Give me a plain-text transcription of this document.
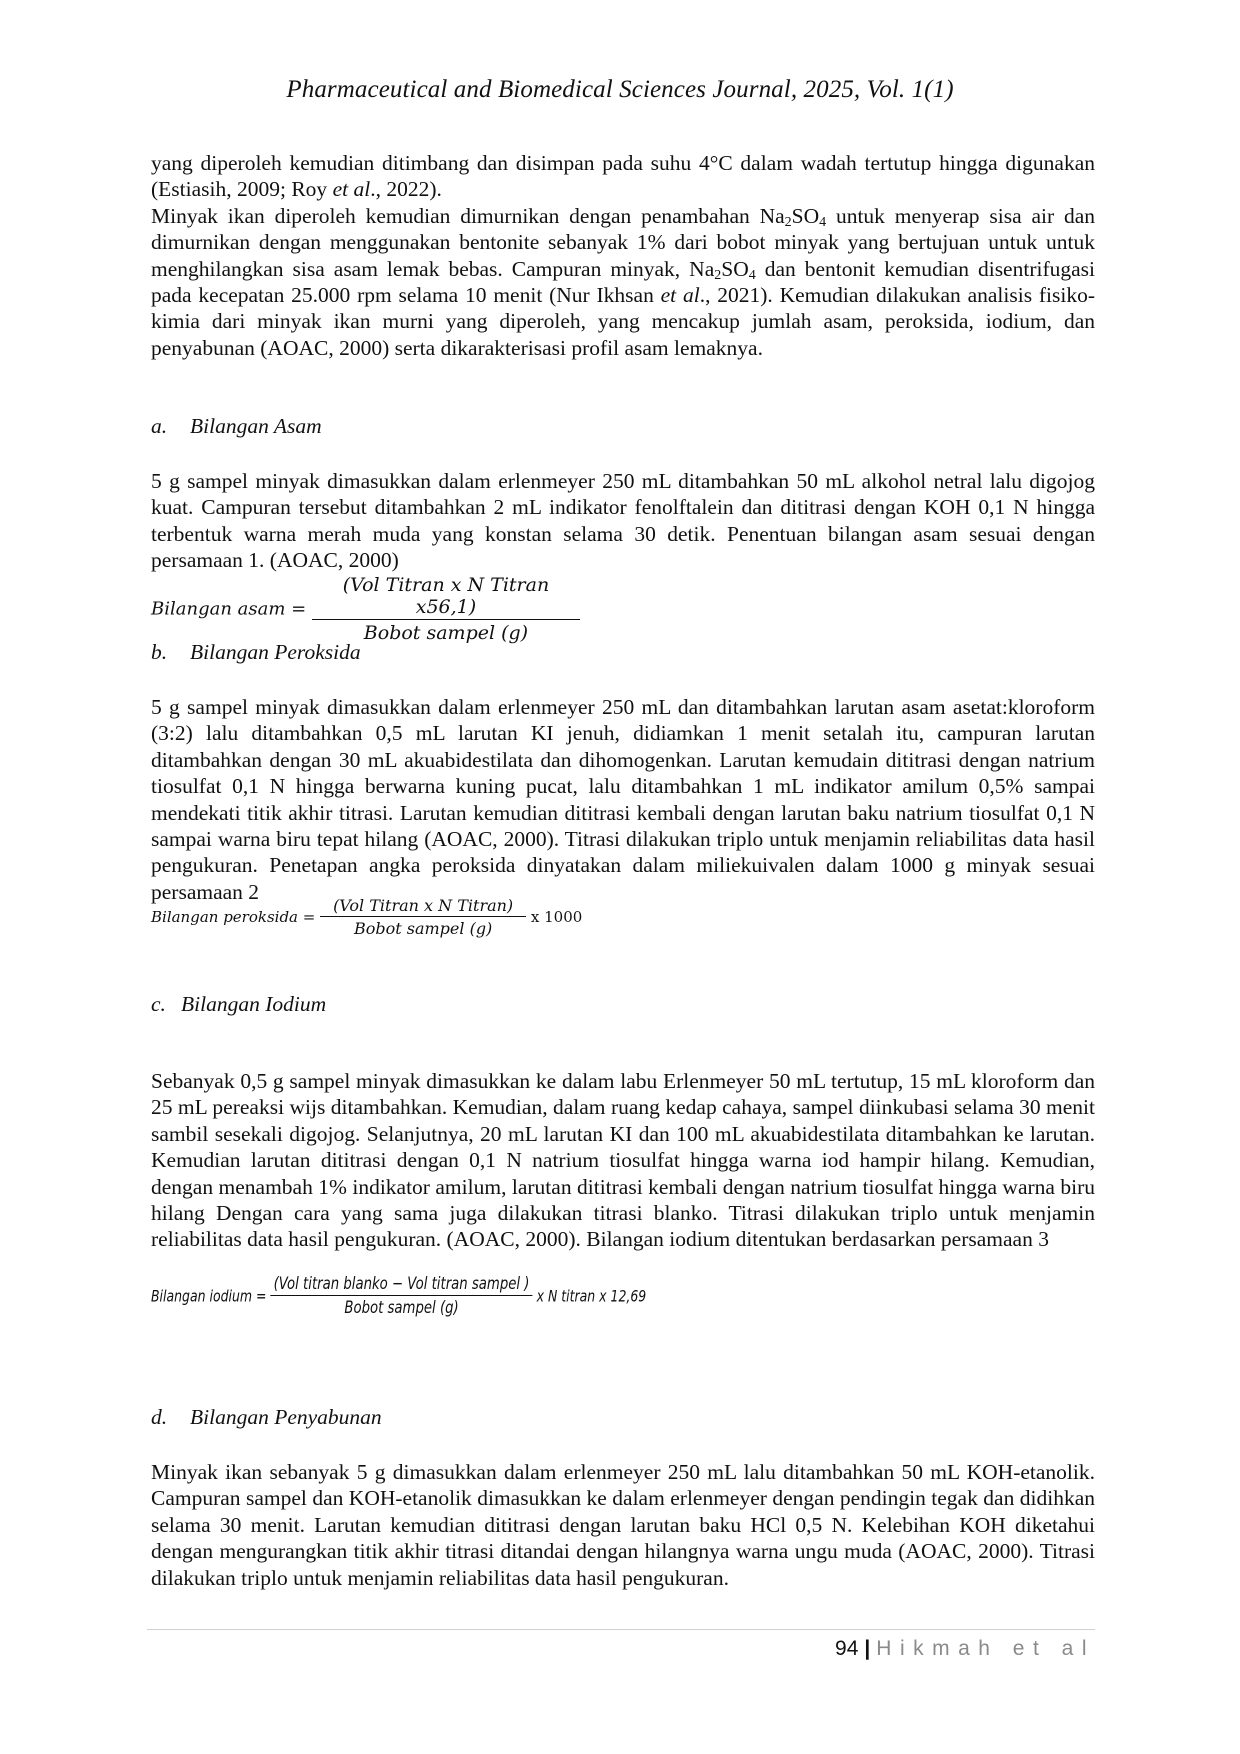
Pharmaceutical and Biomedical Sciences Journal, 2025, Vol. 1(1)

yang diperoleh kemudian ditimbang dan disimpan pada suhu 4°C dalam wadah tertutup hingga digunakan (Estiasih, 2009; Roy et al., 2022).

Minyak ikan diperoleh kemudian dimurnikan dengan penambahan $Na_2SO_4$ untuk menyerap sisa air dan dimurnikan dengan menggunakan bentonite sebanyak 1% dari bobot minyak yang bertujuan untuk untuk menghilangkan sisa asam lemak bebas. Campuran minyak, $Na_2SO_4$ dan bentonit kemudian disentrifugasi pada kecepatan 25.000 rpm selama 10 menit (Nur Ikhsan et al., 2021). Kemudian dilakukan analisis fisiko-kimia dari minyak ikan murni yang diperoleh, yang mencakup jumlah asam, peroksida, iodium, dan penyabunan (AOAC, 2000) serta dikarakterisasi profil asam lemaknya.

a. Bilangan Asam

5 g sampel minyak dimasukkan dalam erlenmeyer 250 mL ditambahkan 50 mL alkohol netral lalu digojog kuat. Campuran tersebut ditambahkan 2 mL indikator fenolftalein dan dititrasi dengan KOH 0,1 N hingga terbentuk warna merah muda yang konstan selama 30 detik. Penentuan bilangan asam sesuai dengan persamaan 1. (AOAC, 2000)

Bilangan asam = $\frac{\text{(Vol Titran x N Titran x56,1)}}{\text{Bobot sampel (g)}}$
b. Bilangan Peroksida

5 g sampel minyak dimasukkan dalam erlenmeyer 250 mL dan ditambahkan larutan asam asetat:kloroform (3:2) lalu ditambahkan 0,5 mL larutan KI jenuh, didiamkan 1 menit setalah itu, campuran larutan ditambahkan dengan 30 mL akuabidestilata dan dihomogenkan. Larutan kemudain dititrasi dengan natrium tiosulfat 0,1 N hingga berwarna kuning pucat, lalu ditambahkan 1 mL indikator amilum 0,5% sampai mendekati titik akhir titrasi. Larutan kemudian dititrasi kembali dengan larutan baku natrium tiosulfat 0,1 N sampai warna biru tepat hilang (AOAC, 2000). Titrasi dilakukan triplo untuk menjamin reliabilitas data hasil pengukuran. Penetapan angka peroksida dinyatakan dalam miliekuivalen dalam 1000 g minyak sesuai persamaan 2

Bilangan peroksida = $\frac{\text{(Vol Titran x N Titran)}}{\text{Bobot sampel (g)}}$ x 1000
c. Bilangan Iodium

Sebanyak 0,5 g sampel minyak dimasukkan ke dalam labu Erlenmeyer 50 mL tertutup, 15 mL kloroform dan 25 mL pereaksi wijs ditambahkan. Kemudian, dalam ruang kedap cahaya, sampel diinkubasi selama 30 menit sambil sesekali digojog. Selanjutnya, 20 mL larutan KI dan 100 mL akuabidestilata ditambahkan ke larutan. Kemudian larutan dititrasi dengan 0,1 N natrium tiosulfat hingga warna iod hampir hilang. Kemudian, dengan menambah 1% indikator amilum, larutan dititrasi kembali dengan natrium tiosulfat hingga warna biru hilang Dengan cara yang sama juga dilakukan titrasi blanko. Titrasi dilakukan triplo untuk menjamin reliabilitas data hasil pengukuran. (AOAC, 2000). Bilangan iodium ditentukan berdasarkan persamaan 3

Bilangan iodium = $\frac{\text{(Vol titran blanko − Vol titran sampel )}}{\text{Bobot sampel (g)}}$ x N titran x 12,69
d. Bilangan Penyabunan

Minyak ikan sebanyak 5 g dimasukkan dalam erlenmeyer 250 mL lalu ditambahkan 50 mL KOH-etanolik. Campuran sampel dan KOH-etanolik dimasukkan ke dalam erlenmeyer dengan pendingin tegak dan didihkan selama 30 menit. Larutan kemudian dititrasi dengan larutan baku HCl 0,5 N. Kelebihan KOH diketahui dengan mengurangkan titik akhir titrasi ditandai dengan hilangnya warna ungu muda (AOAC, 2000). Titrasi dilakukan triplo untuk menjamin reliabilitas data hasil pengukuran.

94 | Hikmah et al
